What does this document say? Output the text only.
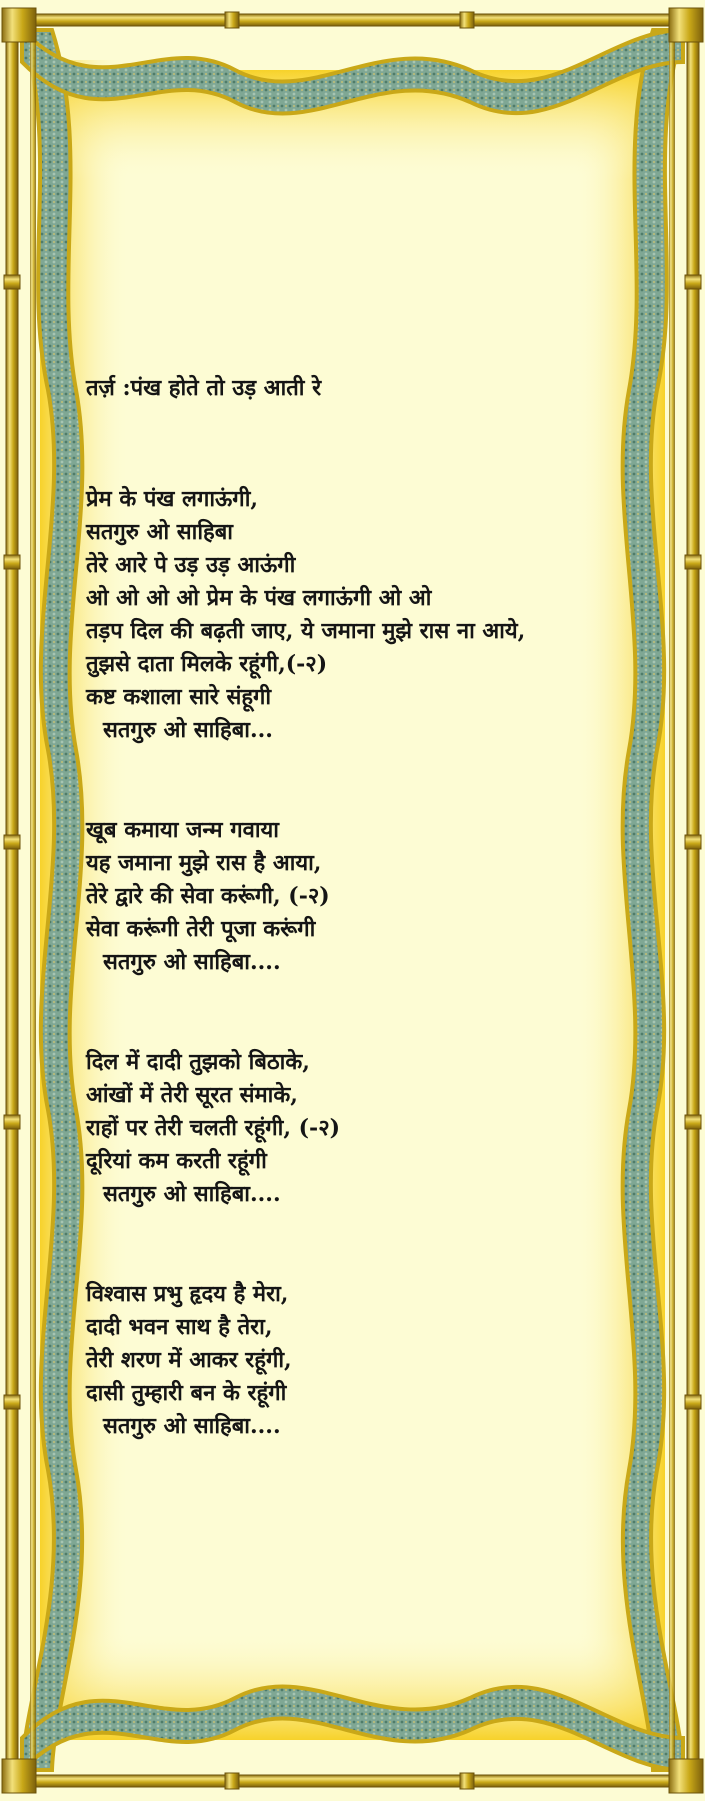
तर्ज़ :पंख होते तो उड़ आती रे
प्रेम के पंख लगाऊंगी,
सतगुरु ओ साहिबा
तेरे आरे पे उड़ उड़ आऊंगी
ओ ओ ओ ओ प्रेम के पंख लगाऊंगी ओ ओ
तड़प दिल की बढ़ती जाए, ये जमाना मुझे रास ना आये,
तुझसे दाता मिलके रहूंगी,(-२)
कष्ट कशाला सारे संहूगी
सतगुरु ओ साहिबा...
खूब कमाया जन्म गवाया
यह जमाना मुझे रास है आया,
तेरे द्वारे की सेवा करूंगी, (-२)
सेवा करूंगी तेरी पूजा करूंगी
सतगुरु ओ साहिबा....
दिल में दादी तुझको बिठाके,
आंखों में तेरी सूरत संमाके,
राहों पर तेरी चलती रहूंगी, (-२)
दूरियां कम करती रहूंगी
सतगुरु ओ साहिबा....
विश्वास प्रभु हृदय है मेरा,
दादी भवन साथ है तेरा,
तेरी शरण में आकर रहूंगी,
दासी तुम्हारी बन के रहूंगी
सतगुरु ओ साहिबा....
